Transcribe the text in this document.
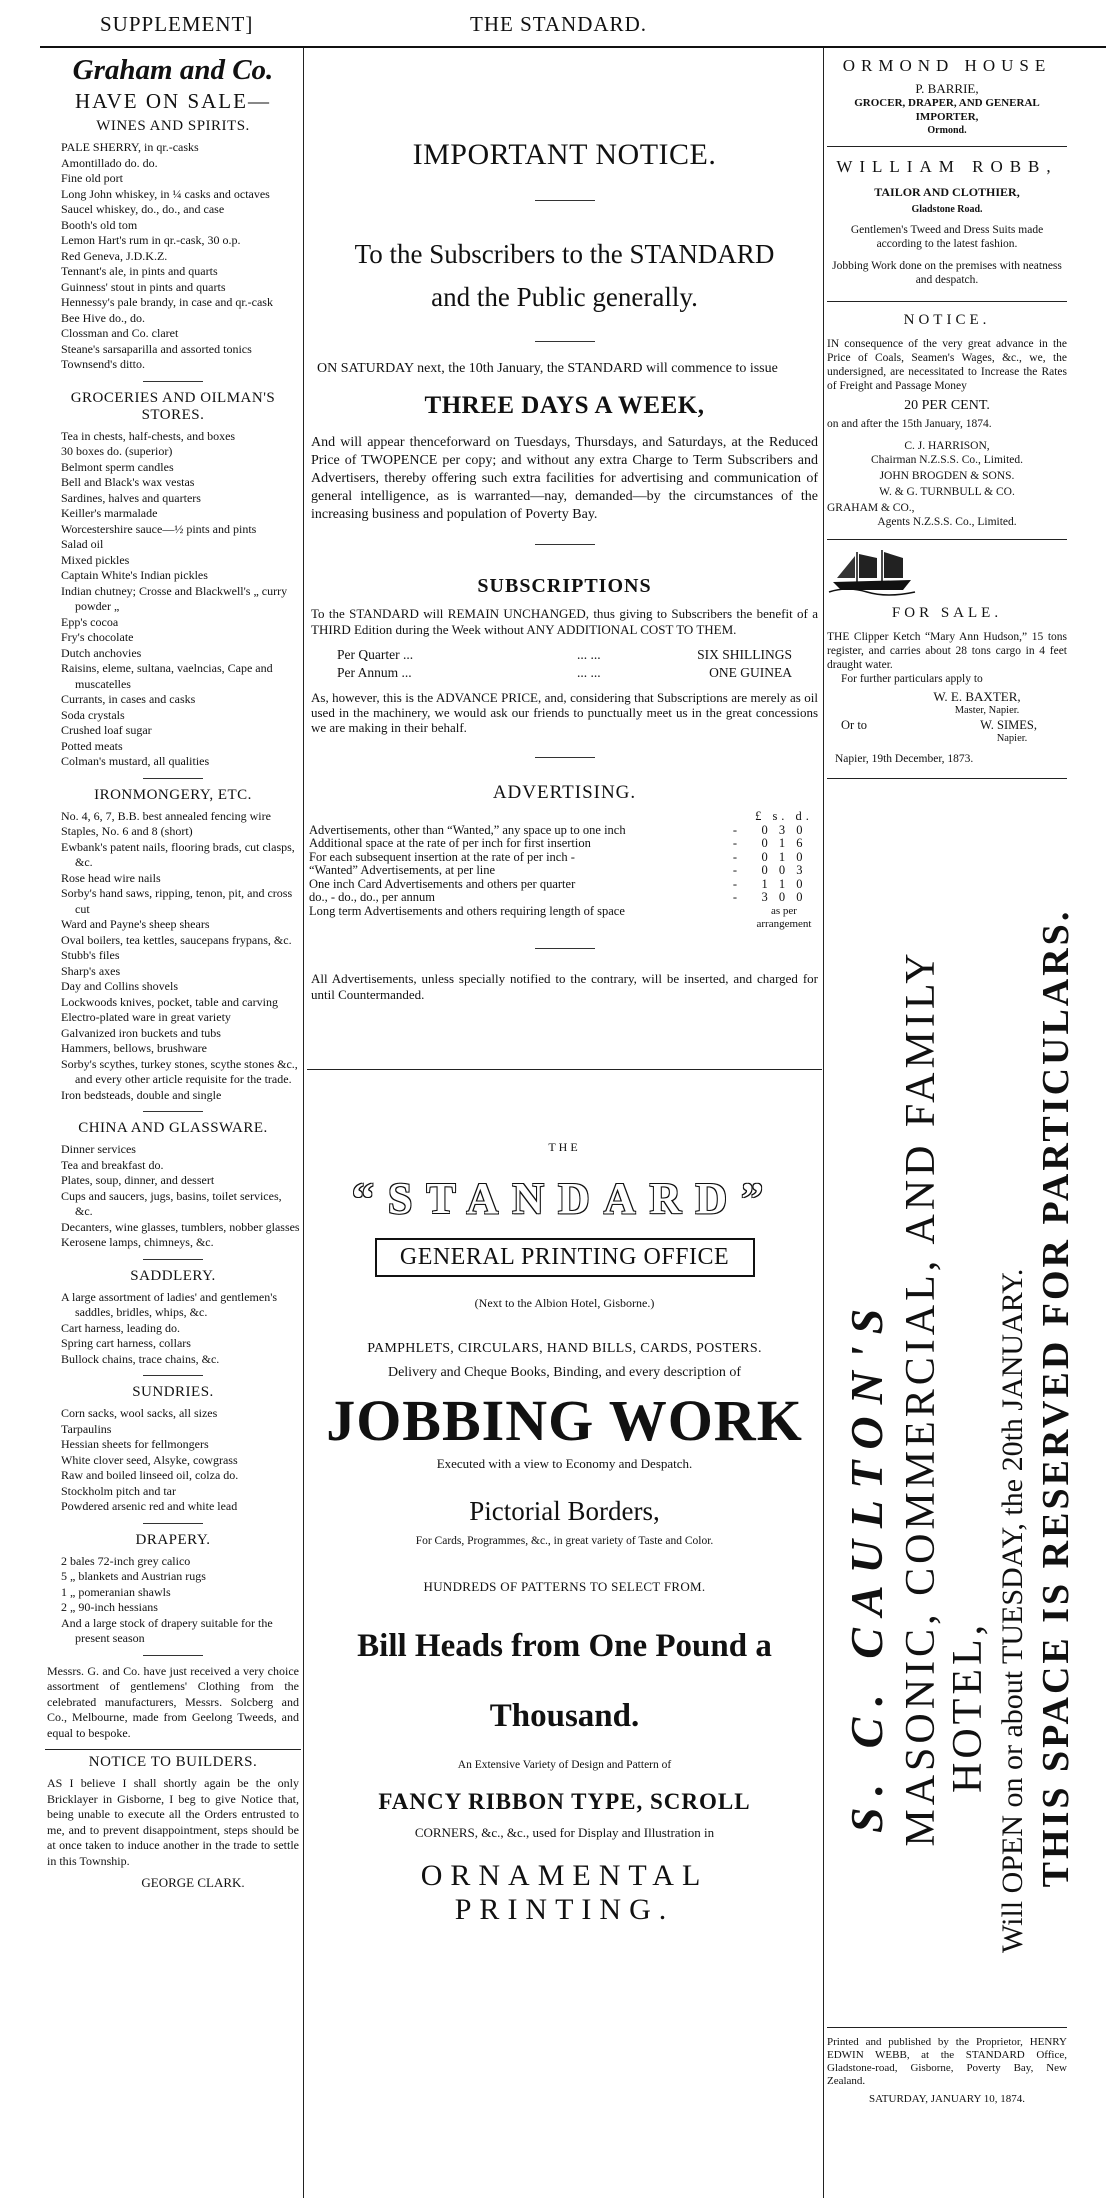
SUPPLEMENT]	THE STANDARD.
Graham and Co.
HAVE ON SALE—
WINES AND SPIRITS.
PALE SHERRY, in qr.-casks
Amontillado do. do.
Fine old port
Long John whiskey, in ¼ casks and octaves
Saucel whiskey, do., do., and case
Booth's old tom
Lemon Hart's rum in qr.-cask, 30 o.p.
Red Geneva, J.D.K.Z.
Tennant's ale, in pints and quarts
Guinness' stout in pints and quarts
Hennessy's pale brandy, in case and qr.-cask
Bee Hive do., do.
Clossman and Co. claret
Steane's sarsaparilla and assorted tonics
Townsend's ditto.
GROCERIES AND OILMAN'S STORES.
Tea in chests, half-chests, and boxes
30 boxes do. (superior)
Belmont sperm candles
Bell and Black's wax vestas
Sardines, halves and quarters
Keiller's marmalade
Worcestershire sauce—½ pints and pints
Salad oil
Mixed pickles
Captain White's Indian pickles
Indian chutney; Crosse and Blackwell's „ curry powder „
Epp's cocoa
Fry's chocolate
Dutch anchovies
Raisins, eleme, sultana, vaelncias, Cape and muscatelles
Currants, in cases and casks
Soda crystals
Crushed loaf sugar
Potted meats
Colman's mustard, all qualities
IRONMONGERY, ETC.
No. 4, 6, 7, B.B. best annealed fencing wire
Staples, No. 6 and 8 (short)
Ewbank's patent nails, flooring brads, cut clasps, &c.
Rose head wire nails
Sorby's hand saws, ripping, tenon, pit, and cross cut
Ward and Payne's sheep shears
Oval boilers, tea kettles, saucepans frypans, &c.
Stubb's files
Sharp's axes
Day and Collins shovels
Lockwoods knives, pocket, table and carving
Electro-plated ware in great variety
Galvanized iron buckets and tubs
Hammers, bellows, brushware
Sorby's scythes, turkey stones, scythe stones &c., and every other article requisite for the trade.
Iron bedsteads, double and single
CHINA AND GLASSWARE.
Dinner services
Tea and breakfast do.
Plates, soup, dinner, and dessert
Cups and saucers, jugs, basins, toilet services, &c.
Decanters, wine glasses, tumblers, nobber glasses
Kerosene lamps, chimneys, &c.
SADDLERY.
A large assortment of ladies' and gentlemen's saddles, bridles, whips, &c.
Cart harness, leading do.
Spring cart harness, collars
Bullock chains, trace chains, &c.
SUNDRIES.
Corn sacks, wool sacks, all sizes
Tarpaulins
Hessian sheets for fellmongers
White clover seed, Alsyke, cowgrass
Raw and boiled linseed oil, colza do.
Stockholm pitch and tar
Powdered arsenic red and white lead
DRAPERY.
2 bales 72-inch grey calico
5 „ blankets and Austrian rugs
1 „ pomeranian shawls
2 „ 90-inch hessians
And a large stock of drapery suitable for the present season
Messrs. G. and Co. have just received a very choice assortment of gentlemens' Clothing from the celebrated manufacturers, Messrs. Solcberg and Co., Melbourne, made from Geelong Tweeds, and equal to bespoke.
NOTICE TO BUILDERS.
AS I believe I shall shortly again be the only Bricklayer in Gisborne, I beg to give Notice that, being unable to execute all the Orders entrusted to me, and to prevent disappointment, steps should be at once taken to induce another in the trade to settle in this Township.
GEORGE CLARK.
IMPORTANT NOTICE.
To the Subscribers to the STANDARD
and the Public generally.
ON SATURDAY next, the 10th January, the STANDARD will commence to issue
THREE DAYS A WEEK,
And will appear thenceforward on Tuesdays, Thursdays, and Saturdays, at the Reduced Price of TWOPENCE per copy; and without any extra Charge to Term Subscribers and Advertisers, thereby offering such extra facilities for advertising and communication of general intelligence, as is warranted—nay, demanded—by the circumstances of the increasing business and population of Poverty Bay.
SUBSCRIPTIONS
To the STANDARD will REMAIN UNCHANGED, thus giving to Subscribers the benefit of a THIRD Edition during the Week without ANY ADDITIONAL COST TO THEM.
Per Quarter ...	... ...	SIX SHILLINGS
Per Annum ...	... ...	ONE GUINEA
As, however, this is the ADVANCE PRICE, and, considering that Subscriptions are merely as oil used in the machinery, we would ask our friends to punctually meet us in the great concessions we are making in their behalf.
ADVERTISING.
£ s. d.
Advertisements, other than “Wanted,” any space up to one inch	-	0 3 0
Additional space at the rate of per inch for first insertion	-	0 1 6
For each subsequent insertion at the rate of per inch -	-	0 1 0
“Wanted” Advertisements, at per line	-	0 0 3
One inch Card Advertisements and others per quarter	-	1 1 0
do., - do., do., per annum	-	3 0 0
Long term Advertisements and others requiring length of space	as per arrangement
All Advertisements, unless specially notified to the contrary, will be inserted, and charged for until Countermanded.
THE
“STANDARD”
GENERAL PRINTING OFFICE
(Next to the Albion Hotel, Gisborne.)
PAMPHLETS, CIRCULARS, HAND BILLS, CARDS, POSTERS.
Delivery and Cheque Books, Binding, and every description of
JOBBING WORK
Executed with a view to Economy and Despatch.
Pictorial Borders,
For Cards, Programmes, &c., in great variety of Taste and Color.
HUNDREDS OF PATTERNS TO SELECT FROM.
Bill Heads from One Pound a
Thousand.
An Extensive Variety of Design and Pattern of
FANCY RIBBON TYPE, SCROLL
CORNERS, &c., &c., used for Display and Illustration in
ORNAMENTAL PRINTING.
ORMOND HOUSE
P. BARRIE,
GROCER, DRAPER, AND GENERAL IMPORTER,
Ormond.
WILLIAM ROBB,
TAILOR AND CLOTHIER,
Gladstone Road.
Gentlemen's Tweed and Dress Suits made according to the latest fashion.
Jobbing Work done on the premises with neatness and despatch.
NOTICE.
IN consequence of the very great advance in the Price of Coals, Seamen's Wages, &c., we, the undersigned, are necessitated to Increase the Rates of Freight and Passage Money
20 PER CENT.
on and after the 15th January, 1874.
C. J. HARRISON,
Chairman N.Z.S.S. Co., Limited.
JOHN BROGDEN & SONS.
W. & G. TURNBULL & CO.
GRAHAM & CO.,
Agents N.Z.S.S. Co., Limited.
FOR SALE.
THE Clipper Ketch “Mary Ann Hudson,” 15 tons register, and carries about 28 tons cargo in 4 feet draught water.
For further particulars apply to
W. E. BAXTER,
Master, Napier.
Or to	W. SIMES,
Napier.
Napier, 19th December, 1873.
S. C. CAULTON'S MASONIC, COMMERCIAL, AND FAMILY HOTEL, Will OPEN on or about TUESDAY, the 20th JANUARY. THIS SPACE IS RESERVED FOR PARTICULARS.
Printed and published by the Proprietor, HENRY EDWIN WEBB, at the STANDARD Office, Gladstone-road, Gisborne, Poverty Bay, New Zealand.
SATURDAY, JANUARY 10, 1874.
